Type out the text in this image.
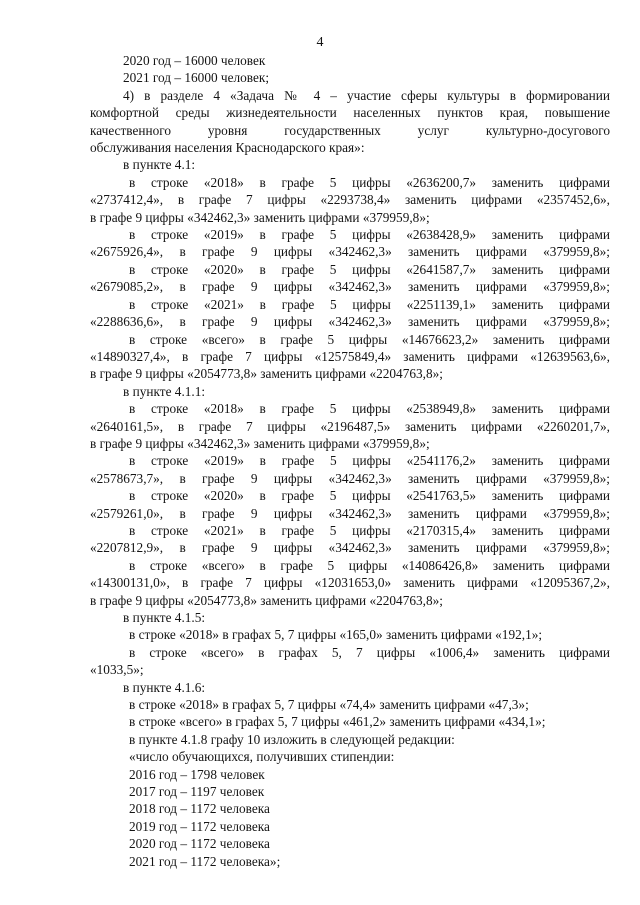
4

2020 год – 16000 человек

2021 год – 16000 человек;

4) в разделе 4 «Задача № 4 – участие сферы культуры в формировании

комфортной среды жизнедеятельности населенных пунктов края, повышение

качественного уровня государственных услуг культурно-досугового

обслуживания населения Краснодарского края»:

в пункте 4.1:

в строке «2018» в графе 5 цифры «2636200,7» заменить цифрами

«2737412,4», в графе 7 цифры «2293738,4» заменить цифрами «2357452,6»,

в графе 9 цифры «342462,3» заменить цифрами «379959,8»;

в строке «2019» в графе 5 цифры «2638428,9» заменить цифрами

«2675926,4», в графе 9 цифры «342462,3» заменить цифрами «379959,8»;

в строке «2020» в графе 5 цифры «2641587,7» заменить цифрами

«2679085,2», в графе 9 цифры «342462,3» заменить цифрами «379959,8»;

в строке «2021» в графе 5 цифры «2251139,1» заменить цифрами

«2288636,6», в графе 9 цифры «342462,3» заменить цифрами «379959,8»;

в строке «всего» в графе 5 цифры «14676623,2» заменить цифрами

«14890327,4», в графе 7 цифры «12575849,4» заменить цифрами «12639563,6»,

в графе 9 цифры «2054773,8» заменить цифрами «2204763,8»;

в пункте 4.1.1:

в строке «2018» в графе 5 цифры «2538949,8» заменить цифрами

«2640161,5», в графе 7 цифры «2196487,5» заменить цифрами «2260201,7»,

в графе 9 цифры «342462,3» заменить цифрами «379959,8»;

в строке «2019» в графе 5 цифры «2541176,2» заменить цифрами

«2578673,7», в графе 9 цифры «342462,3» заменить цифрами «379959,8»;

в строке «2020» в графе 5 цифры «2541763,5» заменить цифрами

«2579261,0», в графе 9 цифры «342462,3» заменить цифрами «379959,8»;

в строке «2021» в графе 5 цифры «2170315,4» заменить цифрами

«2207812,9», в графе 9 цифры «342462,3» заменить цифрами «379959,8»;

в строке «всего» в графе 5 цифры «14086426,8» заменить цифрами

«14300131,0», в графе 7 цифры «12031653,0» заменить цифрами «12095367,2»,

в графе 9 цифры «2054773,8» заменить цифрами «2204763,8»;

в пункте 4.1.5:

в строке «2018» в графах 5, 7 цифры «165,0» заменить цифрами «192,1»;

в строке «всего» в графах 5, 7 цифры «1006,4» заменить цифрами

«1033,5»;

в пункте 4.1.6:

в строке «2018» в графах 5, 7 цифры «74,4» заменить цифрами «47,3»;

в строке «всего» в графах 5, 7 цифры «461,2» заменить цифрами «434,1»;

в пункте 4.1.8 графу 10 изложить в следующей редакции:

«число обучающихся, получивших стипендии:

2016 год – 1798 человек

2017 год – 1197 человек

2018 год – 1172 человека

2019 год – 1172 человека

2020 год – 1172 человека

2021 год – 1172 человека»;
